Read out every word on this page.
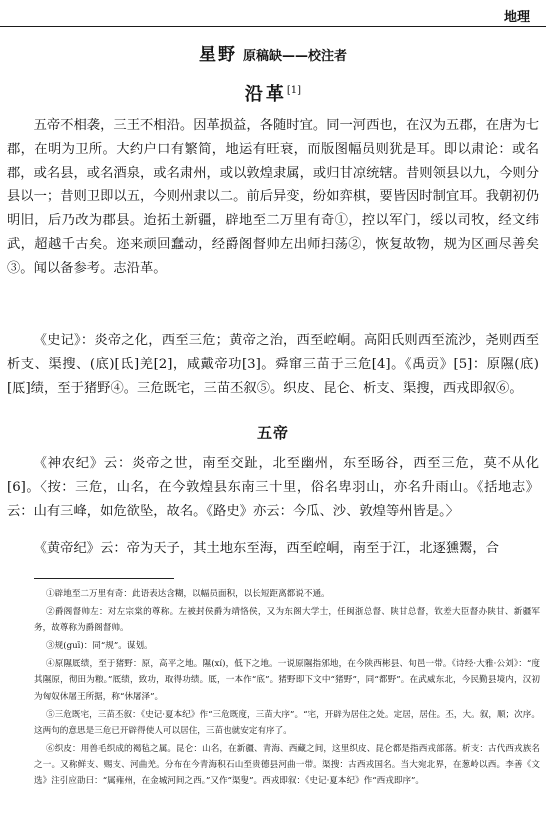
地理
星野 原稿缺——校注者
沿革[1]

五帝不相袭，三王不相沿。因革损益，各随时宜。同一河西也，在汉为五郡，在唐为七郡，在明为卫所。大约户口有繁简，地运有旺衰，而版图幅员则犹是耳。即以肃论：或名郡，或名县，或名酒泉，或名肃州，或以敦煌隶属，或归甘凉统辖。昔则领县以九，今则分县以一；昔则卫即以五，今则州隶以二。前后异变，纷如弈棋，要皆因时制宜耳。我朝初仍明旧，后乃改为郡县。迨拓土新疆，辟地至二万里有奇①，控以军门，绥以司牧，经文纬武，超越千古矣。迩来顽回蠢动，经爵阁督帅左出师扫荡②，恢复故物，规为区画尽善矣③。闻以备参考。志沿革。

《史记》：炎帝之化，西至三危；黄帝之治，西至崆峒。高阳氏则西至流沙，尧则西至析支、渠搜、(底)[氐]羌[2]，咸戴帝功[3]。舜窜三苗于三危[4]。《禹贡》[5]：原隰(底)[厎]绩，至于猪野④。三危既宅，三苗丕叙⑤。织皮、昆仑、析支、渠搜，西戎即叙⑥。

五帝

《神农纪》云：炎帝之世，南至交趾，北至幽州，东至旸谷，西至三危，莫不从化[6]。〈按：三危，山名，在今敦煌县东南三十里，俗名卑羽山，亦名升雨山。《括地志》云：山有三峰，如危欲坠，故名。《路史》亦云：今瓜、沙、敦煌等州皆是。〉

《黄帝纪》云：帝为天子，其土地东至海，西至崆峒，南至于江，北逐獯鬻，合

①辟地至二万里有奇：此语表达含糊，以幅员面积，以长短距离都说不通。

②爵阁督帅左：对左宗棠的尊称。左被封侯爵为靖恪侯，又为东阁大学士，任闽浙总督、陕甘总督，钦差大臣督办陕甘、新疆军务，故尊称为爵阁督帅。

③规(guī)：同“规”。谋划。

④原隰厎绩，至于猪野：原，高平之地。隰(xí)，低下之地。一说原隰指邠地，在今陕西彬县、旬邑一带。《诗经·大雅·公刘》：“度其隰原，彻田为粮。”厎绩，致功，取得功绩。厎，一本作“底”。猪野即下文中“猪野”，同“都野”。在武威东北，今民勤县境内，汉初为匈奴休屠王所据，称“休屠泽”。

⑤三危既宅，三苗丕叙：《史记·夏本纪》作“三危既度，三苗大序”。“宅，开辟为居住之处。定居，居住。丕，大。叙，顺；次序。这两句的意思是三危已开辟得使人可以居住，三苗也就安定有序了。

⑥织皮：用兽毛织成的褐毡之属。昆仑：山名，在新疆、青海、西藏之间，这里织皮、昆仑都是指西戎部落。析支：古代西戎族名之一。又称鲜支、赐支、河曲羌。分布在今青海积石山至贵德县河曲一带。渠搜：古西戎国名。当大宛北界，在葱岭以西。李善《文选》注引应劭曰：“属雍州，在金城河间之西。”又作“渠叟”。西戎即叙：《史记·夏本纪》作“西戎即序”。
